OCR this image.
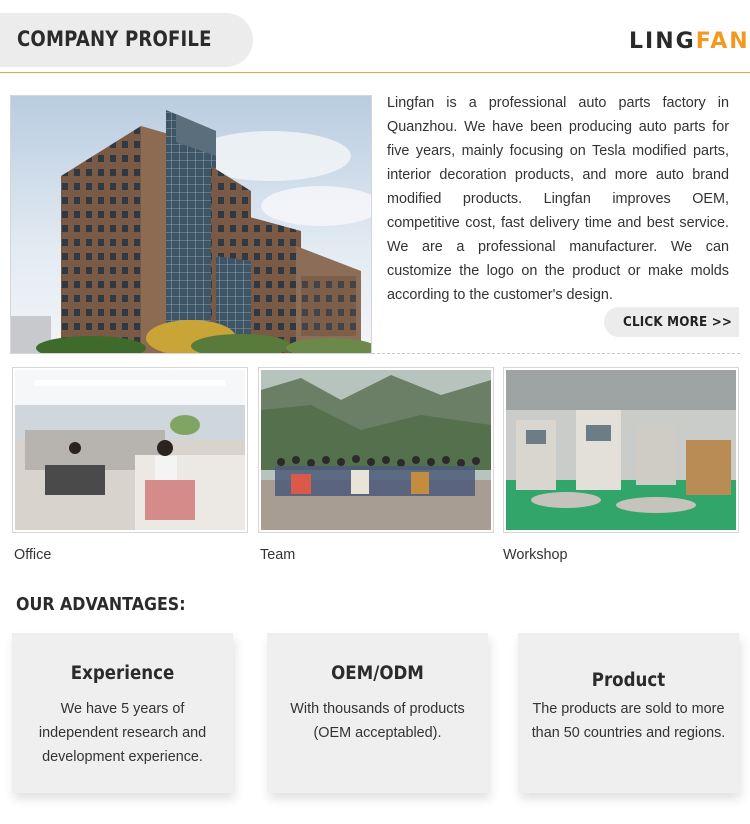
COMPANY PROFILE	LINGFAN
Lingfan is a professional auto parts factory in Quanzhou. We have been producing auto parts for five years, mainly focusing on Tesla modified parts, interior decoration products, and more auto brand modified products. Lingfan improves OEM, competitive cost, fast delivery time and best service. We are a professional manufacturer. We can customize the logo on the product or make molds according to the customer's design.
CLICK MORE >>
Office	Team	Workshop
OUR ADVANTAGES:
Experience

We have 5 years of independent research and development experience.

OEM/ODM

With thousands of products (OEM acceptabled).

Product

The products are sold to more than 50 countries and regions.
